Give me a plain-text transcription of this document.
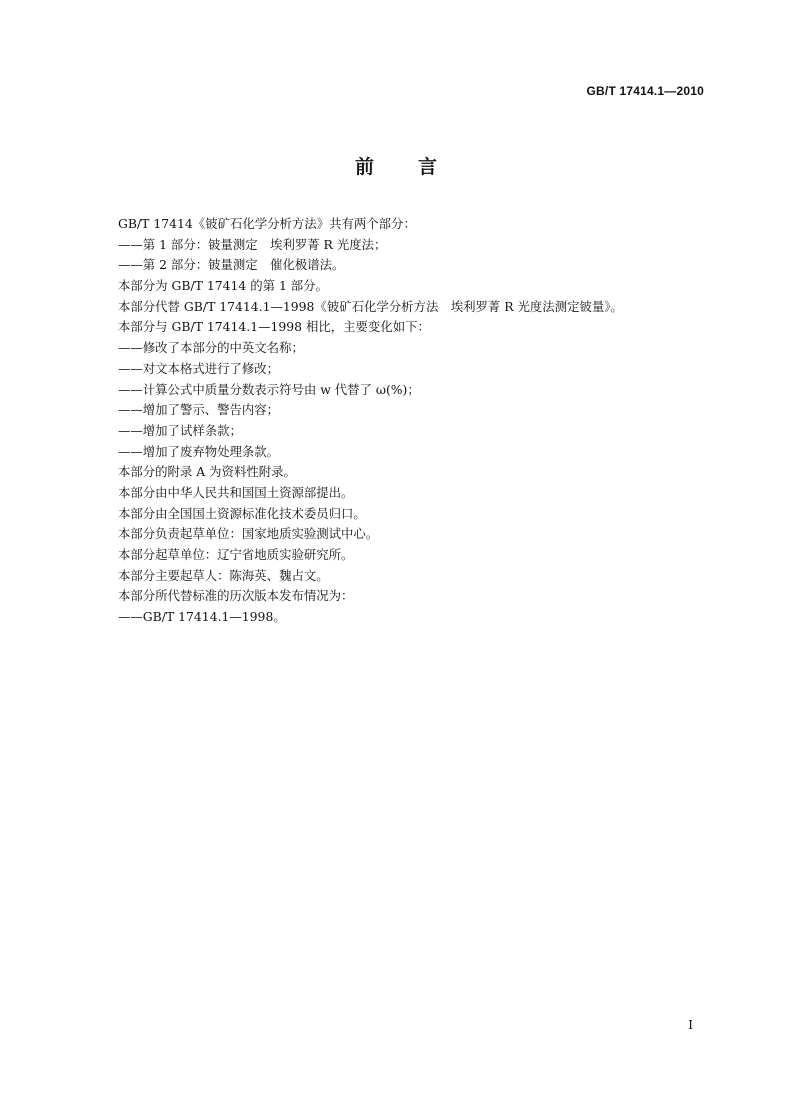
GB/T 17414.1—2010
前言
GB/T 17414《铍矿石化学分析方法》共有两个部分：
——第 1 部分：铍量测定　埃利罗菁 R 光度法；
——第 2 部分：铍量测定　催化极谱法。
本部分为 GB/T 17414 的第 1 部分。
本部分代替 GB/T 17414.1—1998《铍矿石化学分析方法　埃利罗菁 R 光度法测定铍量》。
本部分与 GB/T 17414.1—1998 相比，主要变化如下：
——修改了本部分的中英文名称；
——对文本格式进行了修改；
——计算公式中质量分数表示符号由 w 代替了 ω(%)；
——增加了警示、警告内容；
——增加了试样条款；
——增加了废弃物处理条款。
本部分的附录 A 为资料性附录。
本部分由中华人民共和国国土资源部提出。
本部分由全国国土资源标准化技术委员归口。
本部分负责起草单位：国家地质实验测试中心。
本部分起草单位：辽宁省地质实验研究所。
本部分主要起草人：陈海英、魏占文。
本部分所代替标准的历次版本发布情况为：
——GB/T 17414.1—1998。
I
